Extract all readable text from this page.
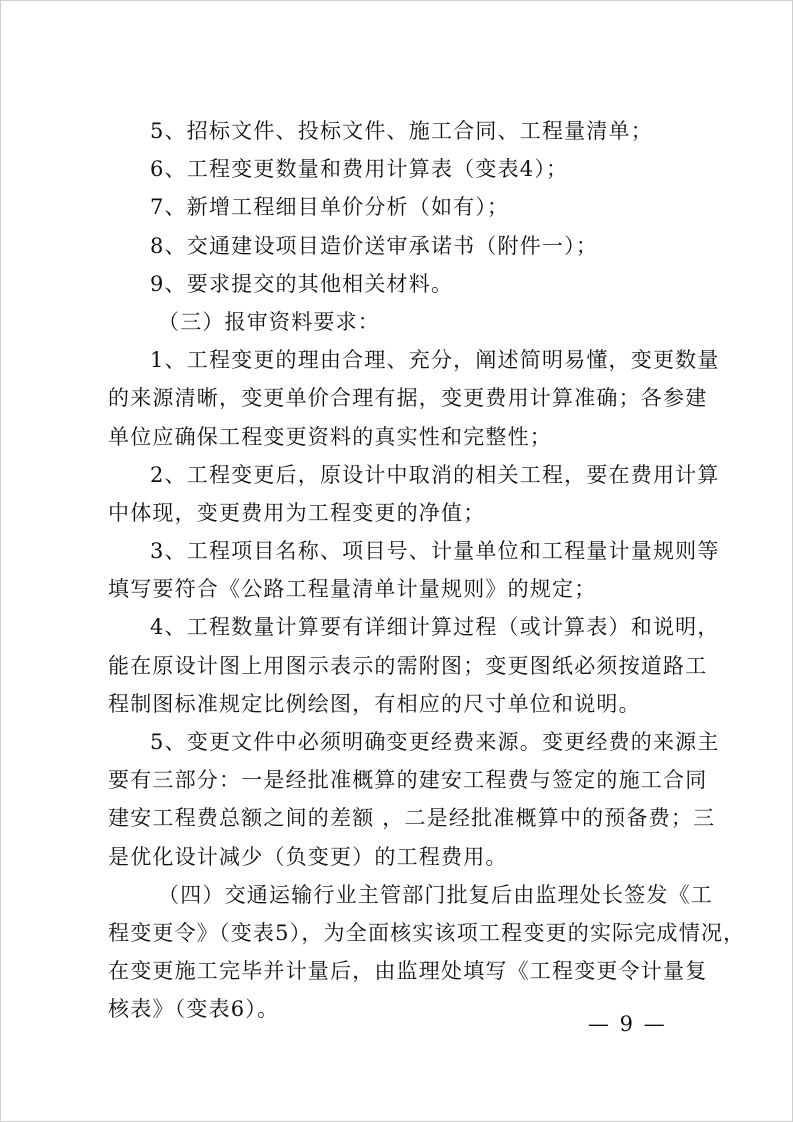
5、招标文件、投标文件、施工合同、工程量清单；
6、工程变更数量和费用计算表（变表4）；
7、新增工程细目单价分析（如有）；
8、交通建设项目造价送审承诺书（附件一）；
9、要求提交的其他相关材料。
（三）报审资料要求：
1、工程变更的理由合理、充分，阐述简明易懂，变更数量
的来源清晰，变更单价合理有据，变更费用计算准确；各参建
单位应确保工程变更资料的真实性和完整性；
2、工程变更后，原设计中取消的相关工程，要在费用计算
中体现，变更费用为工程变更的净值；
3、工程项目名称、项目号、计量单位和工程量计量规则等
填写要符合《公路工程量清单计量规则》的规定；
4、工程数量计算要有详细计算过程（或计算表）和说明，
能在原设计图上用图示表示的需附图；变更图纸必须按道路工
程制图标准规定比例绘图，有相应的尺寸单位和说明。
5、变更文件中必须明确变更经费来源。变更经费的来源主
要有三部分：一是经批准概算的建安工程费与签定的施工合同
建安工程费总额之间的差额 ，二是经批准概算中的预备费；三
是优化设计减少（负变更）的工程费用。
（四）交通运输行业主管部门批复后由监理处长签发《工
程变更令》（变表5），为全面核实该项工程变更的实际完成情况，
在变更施工完毕并计量后，由监理处填写《工程变更令计量复
核表》（变表6）。
— 9 —
